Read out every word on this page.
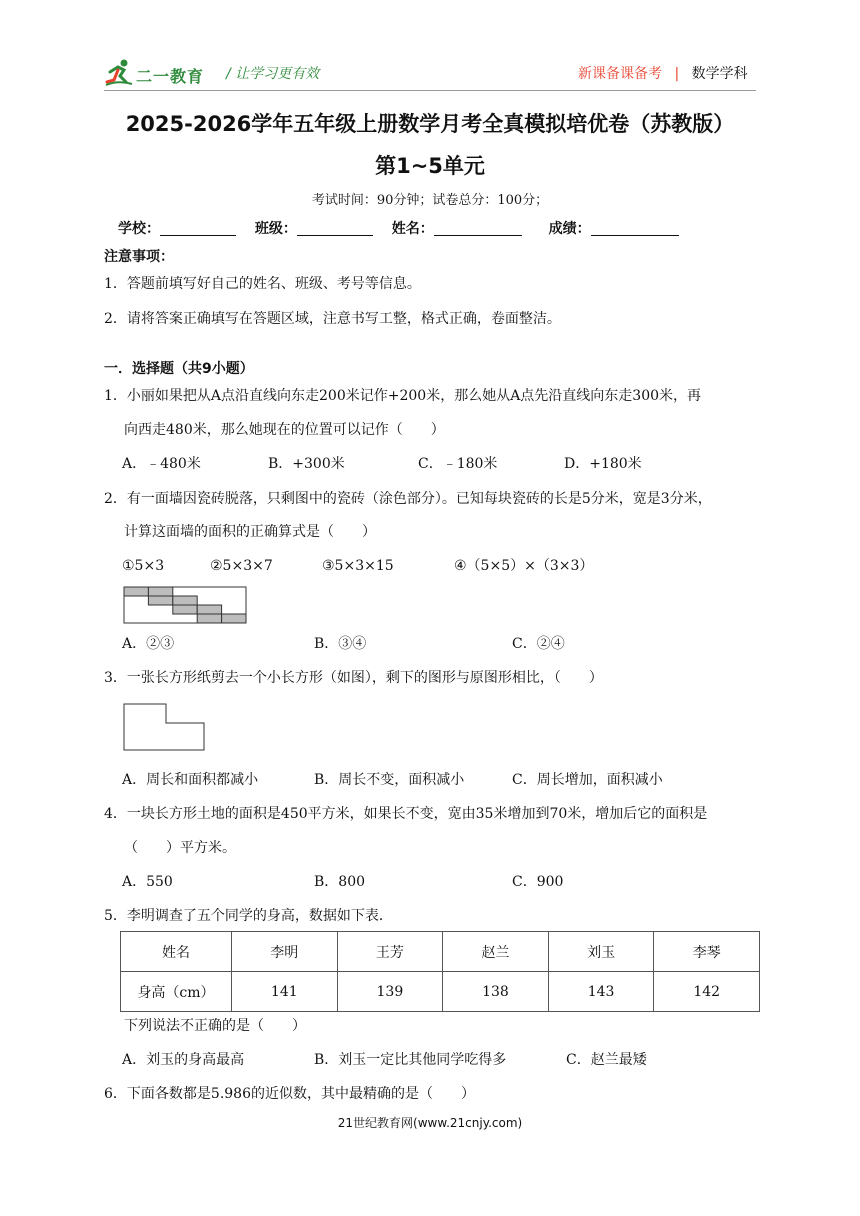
二一教育 / 让学习更有效	新课备课备考 | 数学学科
2025-2026学年五年级上册数学月考全真模拟培优卷（苏教版）
第1~5单元
考试时间：90分钟；试卷总分：100分；
学校：	班级：	姓名：	成绩：
注意事项：
1．答题前填写好自己的姓名、班级、考号等信息。
2．请将答案正确填写在答题区域，注意书写工整，格式正确，卷面整洁。
一．选择题（共9小题）
1．小丽如果把从A点沿直线向东走200米记作+200米，那么她从A点先沿直线向东走300米，再
向西走480米，那么她现在的位置可以记作（　　）
A．﹣480米	B．+300米	C．﹣180米	D．+180米
2．有一面墙因瓷砖脱落，只剩图中的瓷砖（涂色部分）。已知每块瓷砖的长是5分米，宽是3分米，
计算这面墙的面积的正确算式是（　　）
①5×3	②5×3×7	③5×3×15	④（5×5）×（3×3）
A．②③	B．③④	C．②④
3．一张长方形纸剪去一个小长方形（如图），剩下的图形与原图形相比，（　　）
A．周长和面积都减小	B．周长不变，面积减小	C．周长增加，面积减小
4．一块长方形土地的面积是450平方米，如果长不变，宽由35米增加到70米，增加后它的面积是
（　　）平方米。
A．550	B．800	C．900
5．李明调查了五个同学的身高，数据如下表．
姓名	李明	王芳	赵兰	刘玉	李琴
身高（cm）	141	139	138	143	142
下列说法不正确的是（　　）
A．刘玉的身高最高	B．刘玉一定比其他同学吃得多	C．赵兰最矮
6．下面各数都是5.986的近似数，其中最精确的是（　　）
21世纪教育网(www.21cnjy.com)
